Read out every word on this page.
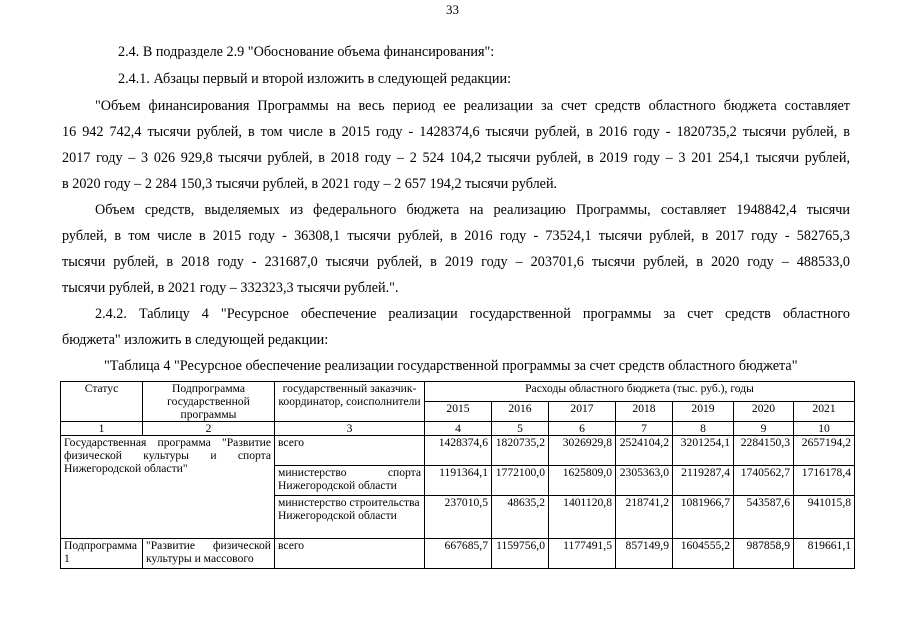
33
2.4. В подразделе 2.9 "Обоснование объема финансирования":
2.4.1. Абзацы первый и второй изложить в следующей редакции:
"Объем финансирования Программы на весь период ее реализации за счет средств областного бюджета составляет
16 942 742,4 тысячи рублей, в том числе в 2015 году - 1428374,6 тысячи рублей, в 2016 году - 1820735,2 тысячи рублей, в
2017 году – 3 026 929,8 тысячи рублей, в 2018 году – 2 524 104,2 тысячи рублей, в 2019 году – 3 201 254,1 тысячи рублей,
в 2020 году – 2 284 150,3 тысячи рублей, в 2021 году – 2 657 194,2 тысячи рублей.
Объем средств, выделяемых из федерального бюджета на реализацию Программы, составляет 1948842,4 тысячи
рублей, в том числе в 2015 году - 36308,1 тысячи рублей, в 2016 году - 73524,1 тысячи рублей, в 2017 году - 582765,3
тысячи рублей, в 2018 году - 231687,0 тысячи рублей, в 2019 году – 203701,6 тысячи рублей, в 2020 году – 488533,0
тысячи рублей, в 2021 году – 332323,3 тысячи рублей.".
2.4.2. Таблицу 4 "Ресурсное обеспечение реализации государственной программы за счет средств областного
бюджета" изложить в следующей редакции:
"Таблица 4 "Ресурсное обеспечение реализации государственной программы за счет средств областного бюджета"
Статус	Подпрограмма государственной программы	государственный заказчик-координатор, соисполнители	Расходы областного бюджета (тыс. руб.), годы						
			2015	2016	2017	2018	2019	2020	2021
1	2	3	4	5	6	7	8	9	10
Государственная программа "Развитие физической культуры и спорта Нижегородской области"		всего	1428374,6	1820735,2	3026929,8	2524104,2	3201254,1	2284150,3	2657194,2
		министерство спорта Нижегородской области	1191364,1	1772100,0	1625809,0	2305363,0	2119287,4	1740562,7	1716178,4
		министерство строительства Нижегородской области	237010,5	48635,2	1401120,8	218741,2	1081966,7	543587,6	941015,8
Подпрограмма 1	"Развитие физической культуры и массового	всего	667685,7	1159756,0	1177491,5	857149,9	1604555,2	987858,9	819661,1
